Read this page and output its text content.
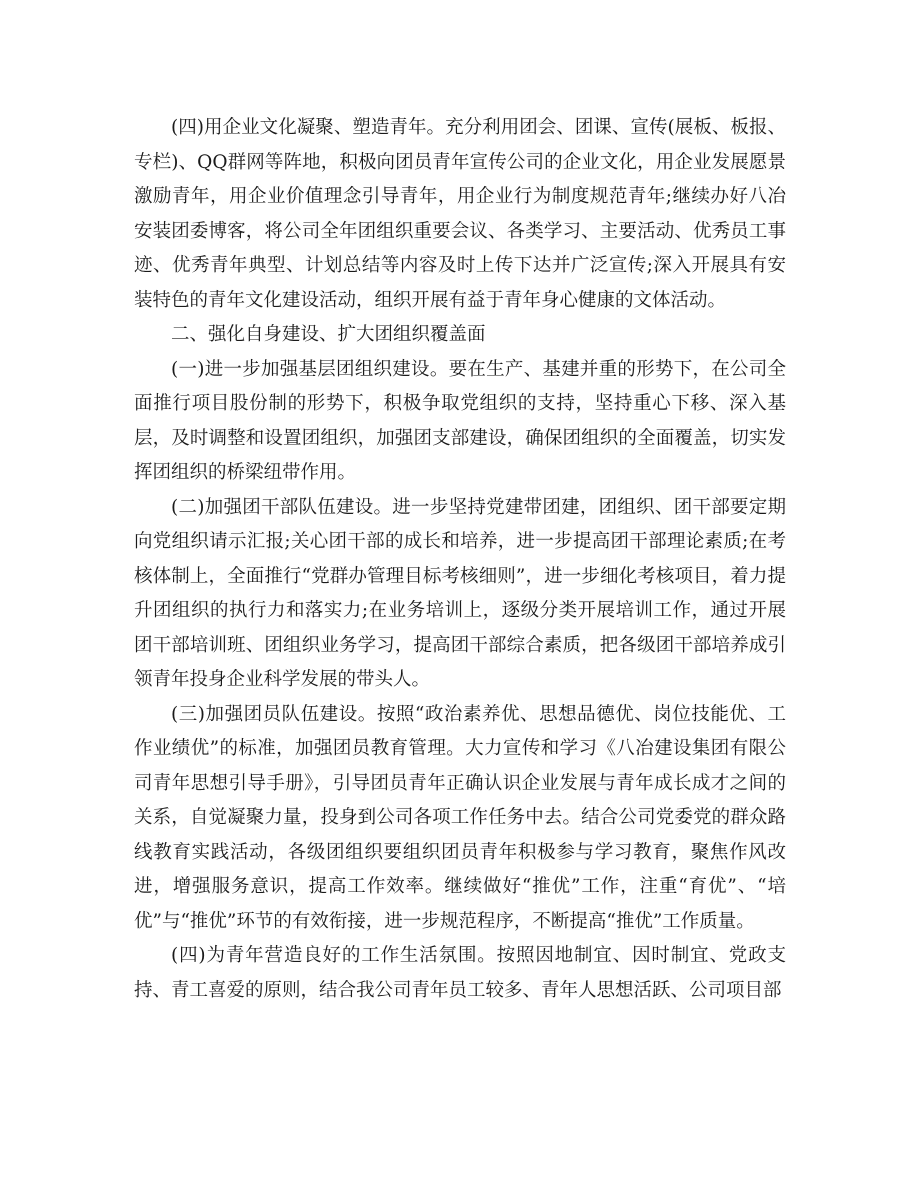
(四)用企业文化凝聚、塑造青年。充分利用团会、团课、宣传(展板、板报、专栏)、QQ群网等阵地，积极向团员青年宣传公司的企业文化，用企业发展愿景激励青年，用企业价值理念引导青年，用企业行为制度规范青年;继续办好八冶安装团委博客，将公司全年团组织重要会议、各类学习、主要活动、优秀员工事迹、优秀青年典型、计划总结等内容及时上传下达并广泛宣传;深入开展具有安装特色的青年文化建设活动，组织开展有益于青年身心健康的文体活动。

二、强化自身建设、扩大团组织覆盖面

(一)进一步加强基层团组织建设。要在生产、基建并重的形势下，在公司全面推行项目股份制的形势下，积极争取党组织的支持，坚持重心下移、深入基层，及时调整和设置团组织，加强团支部建设，确保团组织的全面覆盖，切实发挥团组织的桥梁纽带作用。

(二)加强团干部队伍建设。进一步坚持党建带团建，团组织、团干部要定期向党组织请示汇报;关心团干部的成长和培养，进一步提高团干部理论素质;在考核体制上，全面推行“党群办管理目标考核细则”，进一步细化考核项目，着力提升团组织的执行力和落实力;在业务培训上，逐级分类开展培训工作，通过开展团干部培训班、团组织业务学习，提高团干部综合素质，把各级团干部培养成引领青年投身企业科学发展的带头人。

(三)加强团员队伍建设。按照“政治素养优、思想品德优、岗位技能优、工作业绩优”的标准，加强团员教育管理。大力宣传和学习《八冶建设集团有限公司青年思想引导手册》，引导团员青年正确认识企业发展与青年成长成才之间的关系，自觉凝聚力量，投身到公司各项工作任务中去。结合公司党委党的群众路线教育实践活动，各级团组织要组织团员青年积极参与学习教育，聚焦作风改进，增强服务意识，提高工作效率。继续做好“推优”工作，注重“育优”、“培优”与“推优”环节的有效衔接，进一步规范程序，不断提高“推优”工作质量。

(四)为青年营造良好的工作生活氛围。按照因地制宜、因时制宜、党政支持、青工喜爱的原则，结合我公司青年员工较多、青年人思想活跃、公司项目部
